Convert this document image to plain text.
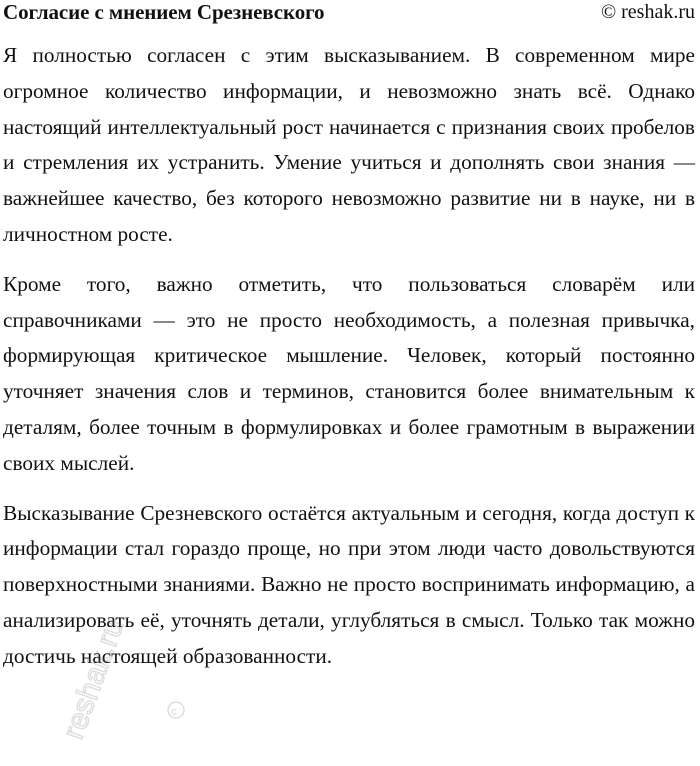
Согласие с мнением Срезневского	© reshak.ru

Я полностью согласен с этим высказыванием. В современном мире огромное количество информации, и невозможно знать всё. Однако настоящий интеллектуальный рост начинается с признания своих пробелов и стремления их устранить. Умение учиться и дополнять свои знания — важнейшее качество, без которого невозможно развитие ни в науке, ни в личностном росте.

Кроме того, важно отметить, что пользоваться словарём или справочниками — это не просто необходимость, а полезная привычка, формирующая критическое мышление. Человек, который постоянно уточняет значения слов и терминов, становится более внимательным к деталям, более точным в формулировках и более грамотным в выражении своих мыслей.

Высказывание Срезневского остаётся актуальным и сегодня, когда доступ к информации стал гораздо проще, но при этом люди часто довольствуются поверхностными знаниями. Важно не просто воспринимать информацию, а анализировать её, уточнять детали, углубляться в смысл. Только так можно достичь настоящей образованности.

reshak.ru	c
